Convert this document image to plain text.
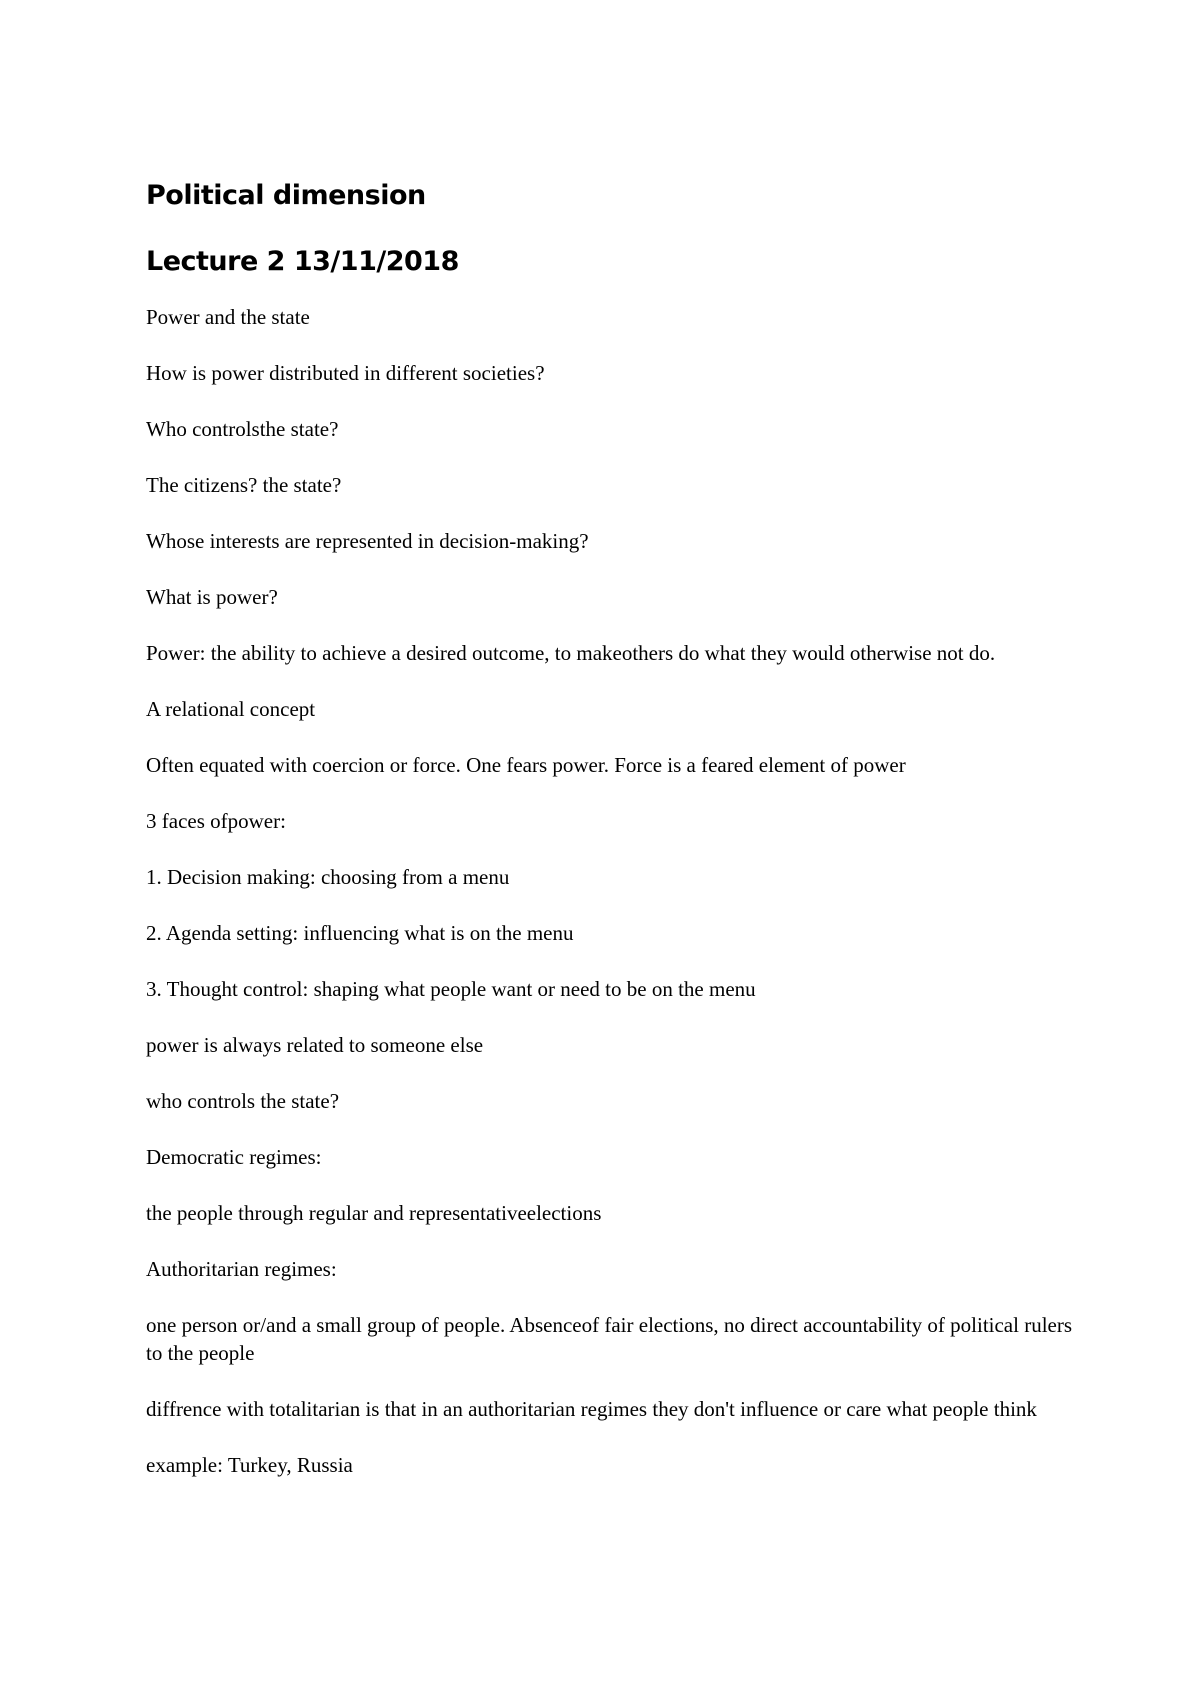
Political dimension
Lecture 2 13/11/2018

Power and the state

How is power distributed in different societies?

Who controlsthe state?

The citizens? the state?

Whose interests are represented in decision-making?

What is power?

Power: the ability to achieve a desired outcome, to makeothers do what they would otherwise not do.

A relational concept

Often equated with coercion or force. One fears power. Force is a feared element of power

3 faces ofpower:

1. Decision making: choosing from a menu

2. Agenda setting: influencing what is on the menu

3. Thought control: shaping what people want or need to be on the menu

power is always related to someone else

who controls the state?

Democratic regimes:

the people through regular and representativeelections

Authoritarian regimes:

one person or/and a small group of people. Absenceof fair elections, no direct accountability of political rulers to the people

diffrence with totalitarian is that in an authoritarian regimes they don't influence or care what people think

example: Turkey, Russia
